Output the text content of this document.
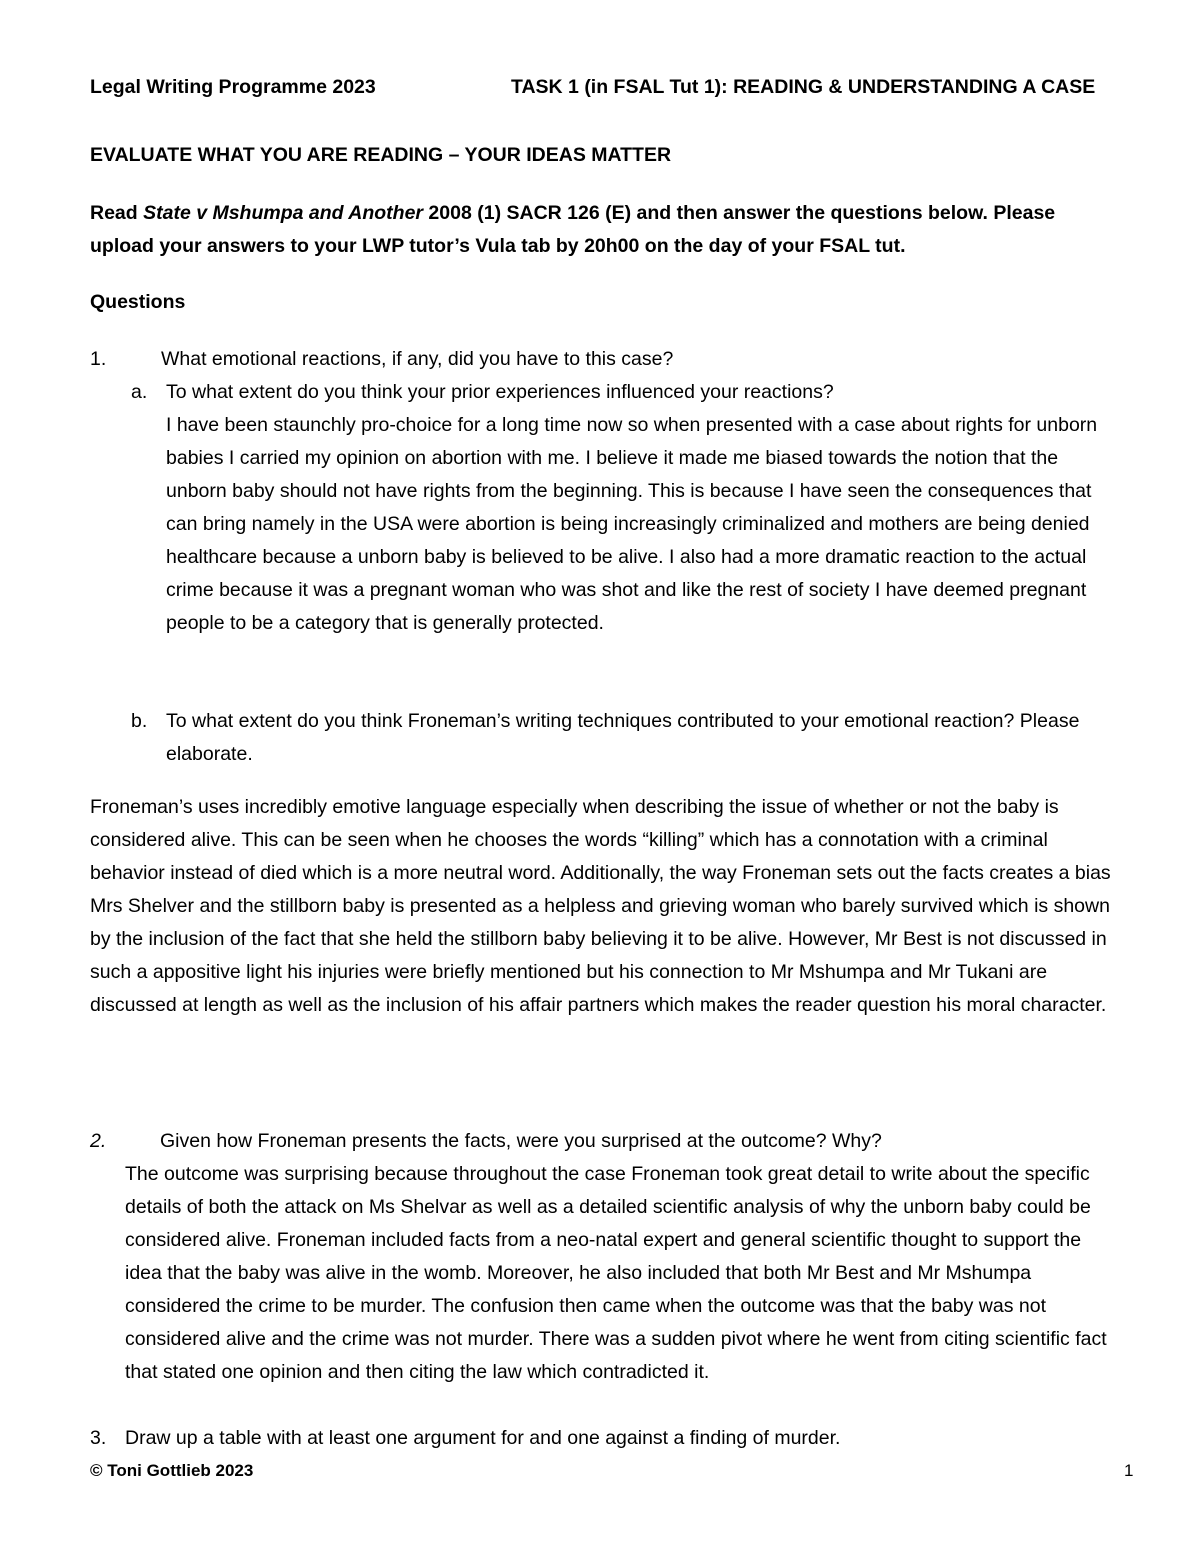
Legal Writing Programme 2023	TASK 1 (in FSAL Tut 1): READING & UNDERSTANDING A CASE
EVALUATE WHAT YOU ARE READING – YOUR IDEAS MATTER
Read State v Mshumpa and Another 2008 (1) SACR 126 (E) and then answer the questions below. Please upload your answers to your LWP tutor’s Vula tab by 20h00 on the day of your FSAL tut.
Questions
1.	What emotional reactions, if any, did you have to this case?
a. To what extent do you think your prior experiences influenced your reactions?
I have been staunchly pro-choice for a long time now so when presented with a case about rights for unborn babies I carried my opinion on abortion with me. I believe it made me biased towards the notion that the unborn baby should not have rights from the beginning. This is because I have seen the consequences that can bring namely in the USA were abortion is being increasingly criminalized and mothers are being denied healthcare because a unborn baby is believed to be alive. I also had a more dramatic reaction to the actual crime because it was a pregnant woman who was shot and like the rest of society I have deemed pregnant people to be a category that is generally protected.
b. To what extent do you think Froneman’s writing techniques contributed to your emotional reaction? Please elaborate.
Froneman’s uses incredibly emotive language especially when describing the issue of whether or not the baby is considered alive. This can be seen when he chooses the words “killing” which has a connotation with a criminal behavior instead of died which is a more neutral word. Additionally, the way Froneman sets out the facts creates a bias Mrs Shelver and the stillborn baby is presented as a helpless and grieving woman who barely survived which is shown by the inclusion of the fact that she held the stillborn baby believing it to be alive. However, Mr Best is not discussed in such a appositive light his injuries were briefly mentioned but his connection to Mr Mshumpa and Mr Tukani are discussed at length as well as the inclusion of his affair partners which makes the reader question his moral character.
2.	Given how Froneman presents the facts, were you surprised at the outcome? Why?
The outcome was surprising because throughout the case Froneman took great detail to write about the specific details of both the attack on Ms Shelvar as well as a detailed scientific analysis of why the unborn baby could be considered alive. Froneman included facts from a neo-natal expert and general scientific thought to support the idea that the baby was alive in the womb. Moreover, he also included that both Mr Best and Mr Mshumpa considered the crime to be murder. The confusion then came when the outcome was that the baby was not considered alive and the crime was not murder. There was a sudden pivot where he went from citing scientific fact that stated one opinion and then citing the law which contradicted it.
3. Draw up a table with at least one argument for and one against a finding of murder.
© Toni Gottlieb 2023	1
